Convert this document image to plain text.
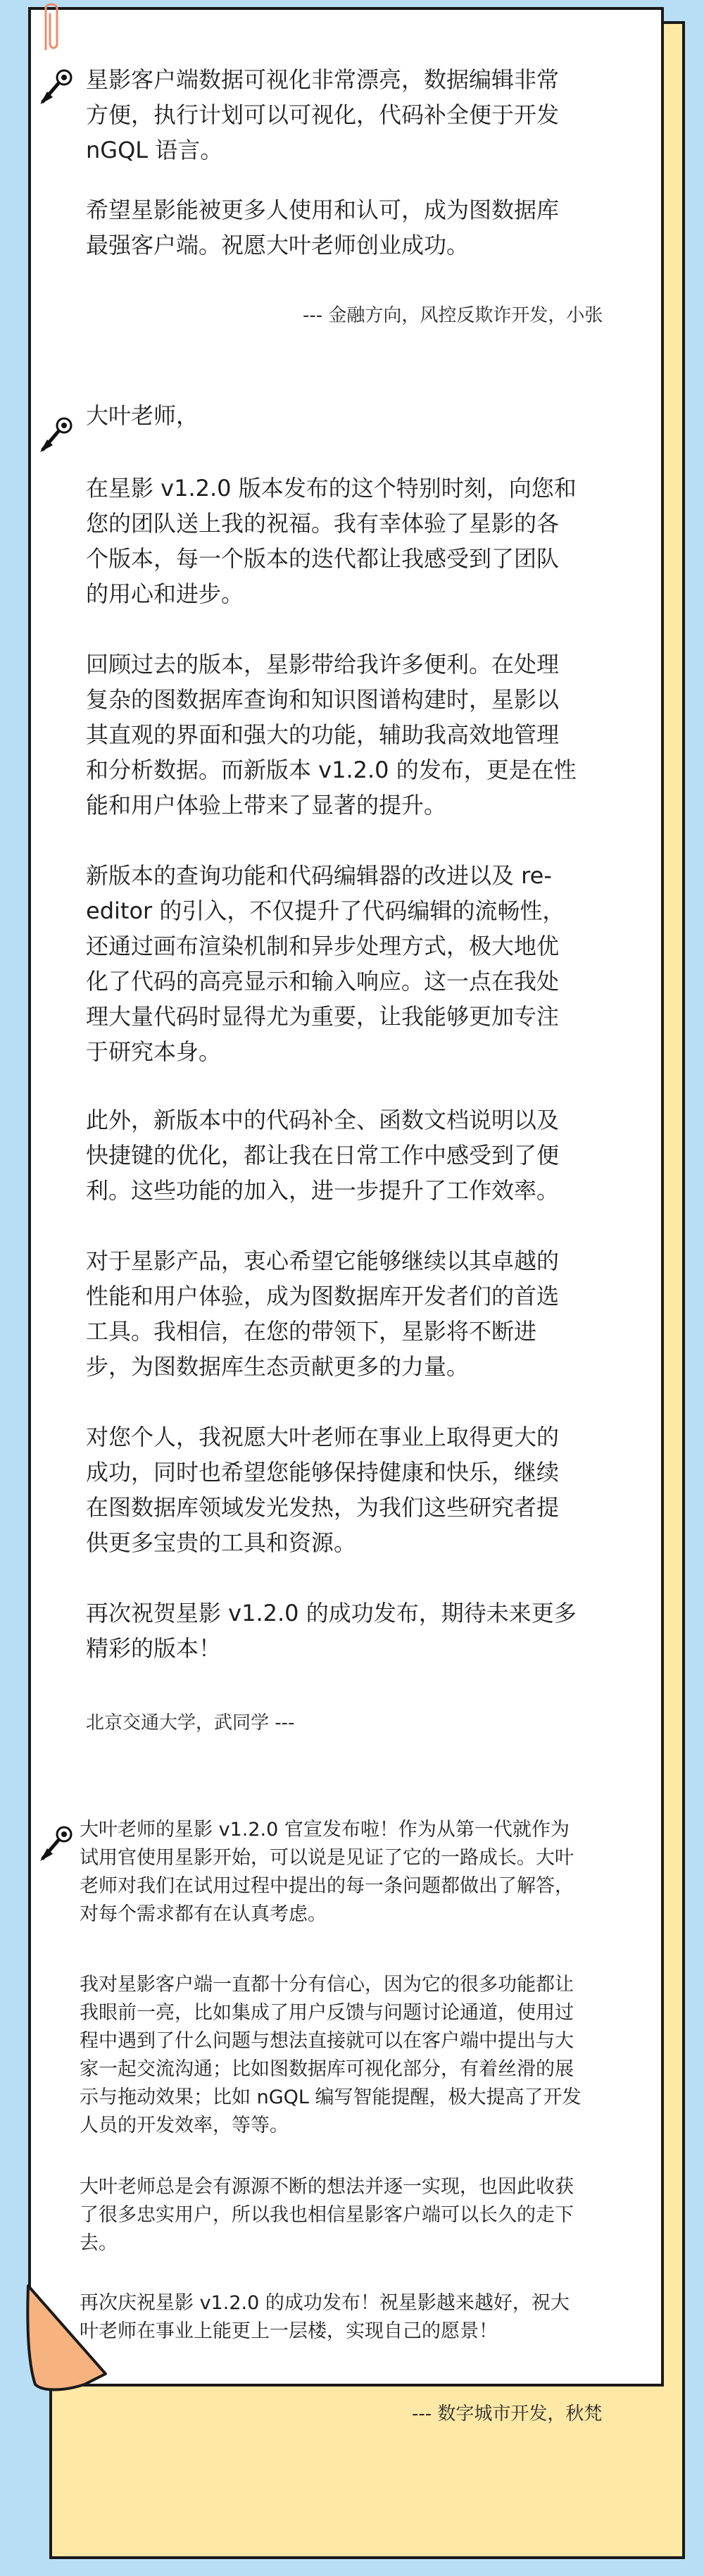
星影客户端数据可视化非常漂亮，数据编辑非常
方便，执行计划可以可视化，代码补全便于开发
nGQL 语言。

希望星影能被更多人使用和认可，成为图数据库
最强客户端。祝愿大叶老师创业成功。

--- 金融方向，风控反欺诈开发，小张

大叶老师，

在星影 v1.2.0 版本发布的这个特别时刻，向您和
您的团队送上我的祝福。我有幸体验了星影的各
个版本，每一个版本的迭代都让我感受到了团队
的用心和进步。

回顾过去的版本，星影带给我许多便利。在处理
复杂的图数据库查询和知识图谱构建时，星影以
其直观的界面和强大的功能，辅助我高效地管理
和分析数据。而新版本 v1.2.0 的发布，更是在性
能和用户体验上带来了显著的提升。

新版本的查询功能和代码编辑器的改进以及 re-
editor 的引入，不仅提升了代码编辑的流畅性，
还通过画布渲染机制和异步处理方式，极大地优
化了代码的高亮显示和输入响应。这一点在我处
理大量代码时显得尤为重要，让我能够更加专注
于研究本身。

此外，新版本中的代码补全、函数文档说明以及
快捷键的优化，都让我在日常工作中感受到了便
利。这些功能的加入，进一步提升了工作效率。

对于星影产品，衷心希望它能够继续以其卓越的
性能和用户体验，成为图数据库开发者们的首选
工具。我相信，在您的带领下，星影将不断进
步，为图数据库生态贡献更多的力量。

对您个人，我祝愿大叶老师在事业上取得更大的
成功，同时也希望您能够保持健康和快乐，继续
在图数据库领域发光发热，为我们这些研究者提
供更多宝贵的工具和资源。

再次祝贺星影 v1.2.0 的成功发布，期待未来更多
精彩的版本！

北京交通大学，武同学 ---

大叶老师的星影 v1.2.0 官宣发布啦！作为从第一代就作为
试用官使用星影开始，可以说是见证了它的一路成长。大叶
老师对我们在试用过程中提出的每一条问题都做出了解答，
对每个需求都有在认真考虑。

我对星影客户端一直都十分有信心，因为它的很多功能都让
我眼前一亮，比如集成了用户反馈与问题讨论通道，使用过
程中遇到了什么问题与想法直接就可以在客户端中提出与大
家一起交流沟通；比如图数据库可视化部分，有着丝滑的展
示与拖动效果；比如 nGQL 编写智能提醒，极大提高了开发
人员的开发效率，等等。

大叶老师总是会有源源不断的想法并逐一实现，也因此收获
了很多忠实用户，所以我也相信星影客户端可以长久的走下
去。

再次庆祝星影 v1.2.0 的成功发布！祝星影越来越好，祝大
叶老师在事业上能更上一层楼，实现自己的愿景！

--- 数字城市开发，秋梵
